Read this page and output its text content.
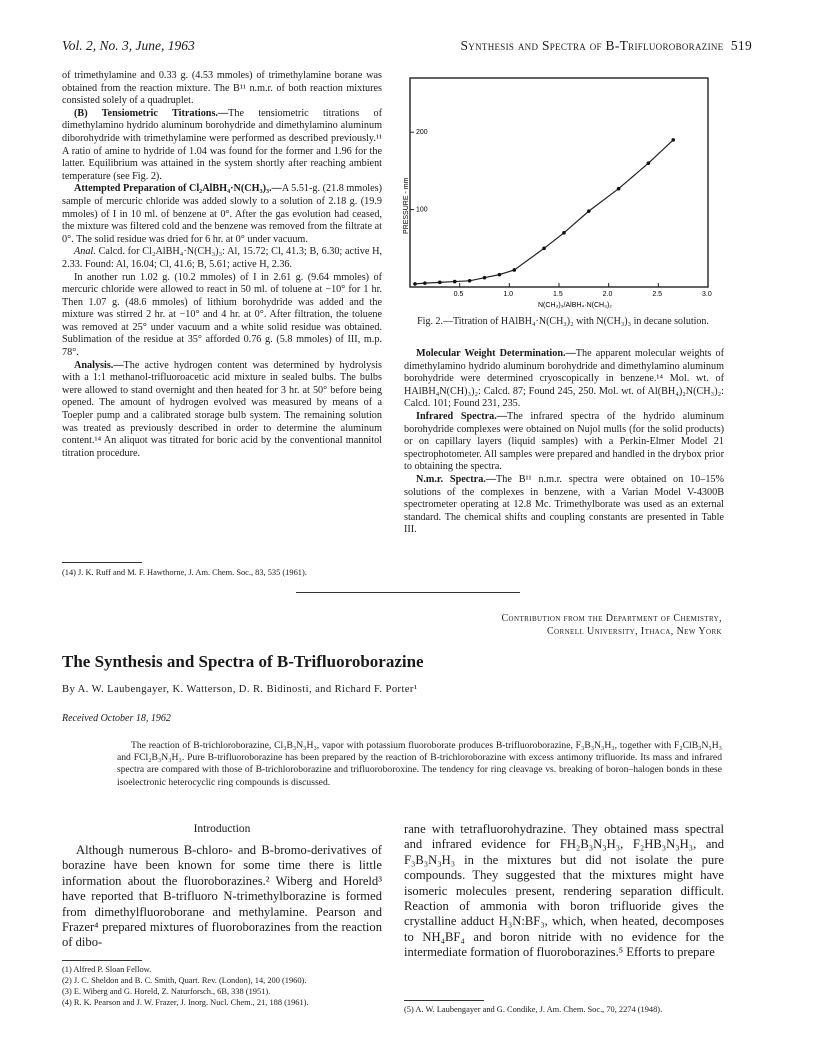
Vol. 2, No. 3, June, 1963	Synthesis and Spectra of B-Trifluoroborazine 519

of trimethylamine and 0.33 g. (4.53 mmoles) of trimethylamine borane was obtained from the reaction mixture. The B¹¹ n.m.r. of both reaction mixtures consisted solely of a quadruplet.

(B) Tensiometric Titrations.—The tensiometric titrations of dimethylamino hydrido aluminum borohydride and dimethylamino aluminum diborohydride with trimethylamine were performed as described previously.¹¹ A ratio of amine to hydride of 1.04 was found for the former and 1.96 for the latter. Equilibrium was attained in the system shortly after reaching ambient temperature (see Fig. 2).

Attempted Preparation of Cl₂AlBH₄·N(CH₃)₃.—A 5.51-g. (21.8 mmoles) sample of mercuric chloride was added slowly to a solution of 2.18 g. (19.9 mmoles) of I in 10 ml. of benzene at 0°. After the gas evolution had ceased, the mixture was filtered cold and the benzene was removed from the filtrate at 0°. The solid residue was dried for 6 hr. at 0° under vacuum.

Anal. Calcd. for Cl₂AlBH₄·N(CH₃)₃: Al, 15.72; Cl, 41.3; B, 6.30; active H, 2.33. Found: Al, 16.04; Cl, 41.6; B, 5.61; active H, 2.36.

In another run 1.02 g. (10.2 mmoles) of I in 2.61 g. (9.64 mmoles) of mercuric chloride were allowed to react in 50 ml. of toluene at −10° for 1 hr. Then 1.07 g. (48.6 mmoles) of lithium borohydride was added and the mixture was stirred 2 hr. at −10° and 4 hr. at 0°. After filtration, the toluene was removed at 25° under vacuum and a white solid residue was obtained. Sublimation of the residue at 35° afforded 0.76 g. (5.8 mmoles) of III, m.p. 78°.

Analysis.—The active hydrogen content was determined by hydrolysis with a 1:1 methanol-trifluoroacetic acid mixture in sealed bulbs. The bulbs were allowed to stand overnight and then heated for 3 hr. at 50° before being opened. The amount of hydrogen evolved was measured by means of a Toepler pump and a calibrated storage bulb system. The remaining solution was treated as previously described in order to determine the aluminum content.¹⁴ An aliquot was titrated for boric acid by the conventional mannitol titration procedure.

(14) J. K. Ruff and M. F. Hawthorne, J. Am. Chem. Soc., 83, 535 (1961).
0.5	1.0	1.5	2.0	2.5	3.0
100
200
PRESSURE - mm
N(CH₃)₃/AlBH₄·N(CH₃)₂
Fig. 2.—Titration of HAlBH₄·N(CH₃)₂ with N(CH₃)₃ in decane solution.

Molecular Weight Determination.—The apparent molecular weights of dimethylamino hydrido aluminum borohydride and dimethylamino aluminum borohydride were determined cryoscopically in benzene.¹⁴ Mol. wt. of HAlBH₄N(CH)₃)₂: Calcd. 87; Found 245, 250. Mol. wt. of Al(BH₄)₂N(CH₃)₂: Calcd. 101; Found 231, 235.

Infrared Spectra.—The infrared spectra of the hydrido aluminum borohydride complexes were obtained on Nujol mulls (for the solid products) or on capillary layers (liquid samples) with a Perkin-Elmer Model 21 spectrophotometer. All samples were prepared and handled in the drybox prior to obtaining the spectra.

N.m.r. Spectra.—The B¹¹ n.m.r. spectra were obtained on 10–15% solutions of the complexes in benzene, with a Varian Model V-4300B spectrometer operating at 12.8 Mc. Trimethylborate was used as an external standard. The chemical shifts and coupling constants are presented in Table III.

Contribution from the Department of Chemistry,
Cornell University, Ithaca, New York
The Synthesis and Spectra of B-Trifluoroborazine
By A. W. Laubengayer, K. Watterson, D. R. Bidinosti, and Richard F. Porter¹
Received October 18, 1962

The reaction of B-trichloroborazine, Cl₃B₃N₃H₃, vapor with potassium fluoroborate produces B-trifluoroborazine, F₃B₃N₃H₃, together with F₂ClB₃N₃H₃ and FCl₂B₃N₃H₃. Pure B-trifluoroborazine has been prepared by the reaction of B-trichloroborazine with excess antimony trifluoride. Its mass and infrared spectra are compared with those of B-trichloroborazine and trifluoroboroxine. The tendency for ring cleavage vs. breaking of boron–halogen bonds in these isoelectronic heterocyclic ring compounds is discussed.

Introduction

Although numerous B-chloro- and B-bromo-derivatives of borazine have been known for some time there is little information about the fluoroborazines.² Wiberg and Horeld³ have reported that B-trifluoro N-trimethylborazine is formed from dimethylfluoroborane and methylamine. Pearson and Frazer⁴ prepared mixtures of fluoroborazines from the reaction of dibo-

rane with tetrafluorohydrazine. They obtained mass spectral and infrared evidence for FH₂B₃N₃H₃, F₂HB₃N₃H₃, and F₃B₃N₃H₃ in the mixtures but did not isolate the pure compounds. They suggested that the mixtures might have isomeric molecules present, rendering separation difficult. Reaction of ammonia with boron trifluoride gives the crystalline adduct H₃N:BF₃, which, when heated, decomposes to NH₄BF₄ and boron nitride with no evidence for the intermediate formation of fluoroborazines.⁵ Efforts to prepare

(1) Alfred P. Sloan Fellow.

(2) J. C. Sheldon and B. C. Smith, Quart. Rev. (London), 14, 200 (1960).

(3) E. Wiberg and G. Horeld, Z. Naturforsch., 6B, 338 (1951).

(4) R. K. Pearson and J. W. Frazer, J. Inorg. Nucl. Chem., 21, 188 (1961).

(5) A. W. Laubengayer and G. Condike, J. Am. Chem. Soc., 70, 2274 (1948).
